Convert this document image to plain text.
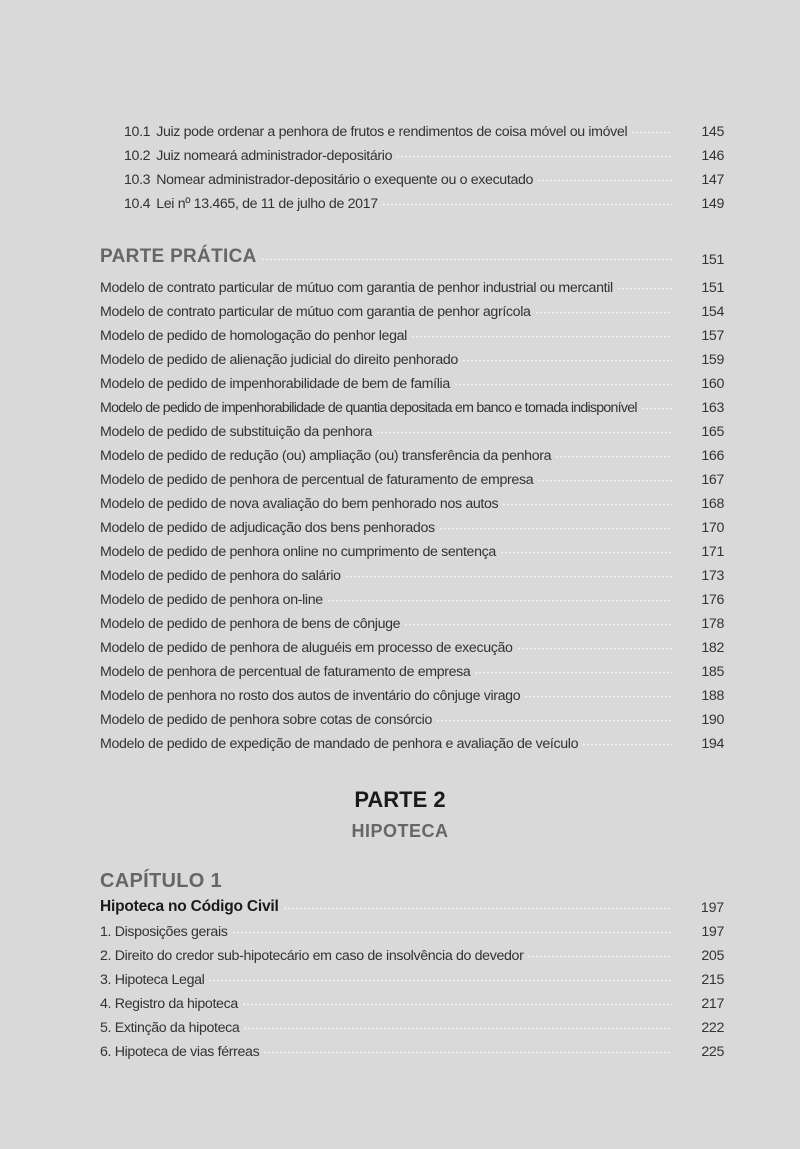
10.1 Juiz pode ordenar a penhora de frutos e rendimentos de coisa móvel ou imóvel	145
10.2 Juiz nomeará administrador-depositário	146
10.3 Nomear administrador-depositário o exequente ou o executado	147
10.4 Lei nº 13.465, de 11 de julho de 2017	149
PARTE PRÁTICA	151
Modelo de contrato particular de mútuo com garantia de penhor industrial ou mercantil	151
Modelo de contrato particular de mútuo com garantia de penhor agrícola	154
Modelo de pedido de homologação do penhor legal	157
Modelo de pedido de alienação judicial do direito penhorado	159
Modelo de pedido de impenhorabilidade de bem de família	160
Modelo de pedido de impenhorabilidade de quantia depositada em banco e tornada indisponível	163
Modelo de pedido de substituição da penhora	165
Modelo de pedido de redução (ou) ampliação (ou) transferência da penhora	166
Modelo de pedido de penhora de percentual de faturamento de empresa	167
Modelo de pedido de nova avaliação do bem penhorado nos autos	168
Modelo de pedido de adjudicação dos bens penhorados	170
Modelo de pedido de penhora online no cumprimento de sentença	171
Modelo de pedido de penhora do salário	173
Modelo de pedido de penhora on-line	176
Modelo de pedido de penhora de bens de cônjuge	178
Modelo de pedido de penhora de aluguéis em processo de execução	182
Modelo de penhora de percentual de faturamento de empresa	185
Modelo de penhora no rosto dos autos de inventário do cônjuge virago	188
Modelo de pedido de penhora sobre cotas de consórcio	190
Modelo de pedido de expedição de mandado de penhora e avaliação de veículo	194
PARTE 2
HIPOTECA
CAPÍTULO 1
Hipoteca no Código Civil	197
1. Disposições gerais	197
2. Direito do credor sub-hipotecário em caso de insolvência do devedor	205
3. Hipoteca Legal	215
4. Registro da hipoteca	217
5. Extinção da hipoteca	222
6. Hipoteca de vias férreas	225
